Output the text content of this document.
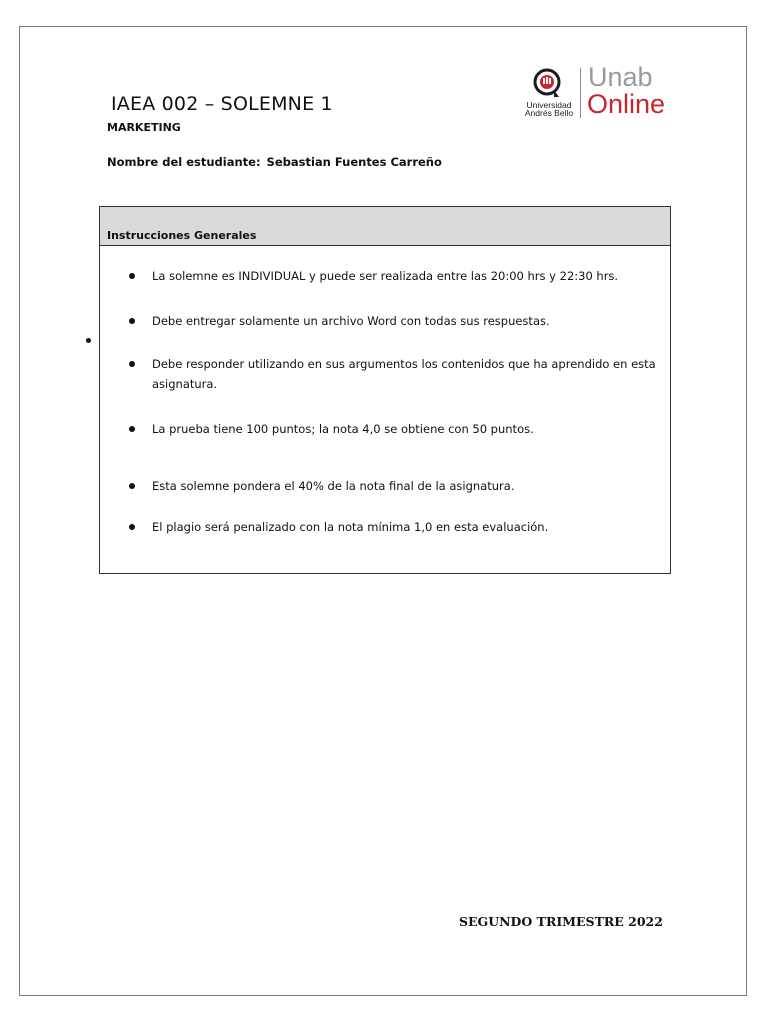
IAEA 002 – SOLEMNE 1
MARKETING
Nombre del estudiante: Sebastian Fuentes Carreño
Universidad
Andrés Bello
Unab
Online
Instrucciones Generales
La solemne es INDIVIDUAL y puede ser realizada entre las 20:00 hrs y 22:30 hrs.
Debe entregar solamente un archivo Word con todas sus respuestas.
Debe responder utilizando en sus argumentos los contenidos que ha aprendido en esta asignatura.
La prueba tiene 100 puntos; la nota 4,0 se obtiene con 50 puntos.
Esta solemne pondera el 40% de la nota final de la asignatura.
El plagio será penalizado con la nota mínima 1,0 en esta evaluación.
SEGUNDO TRIMESTRE 2022
